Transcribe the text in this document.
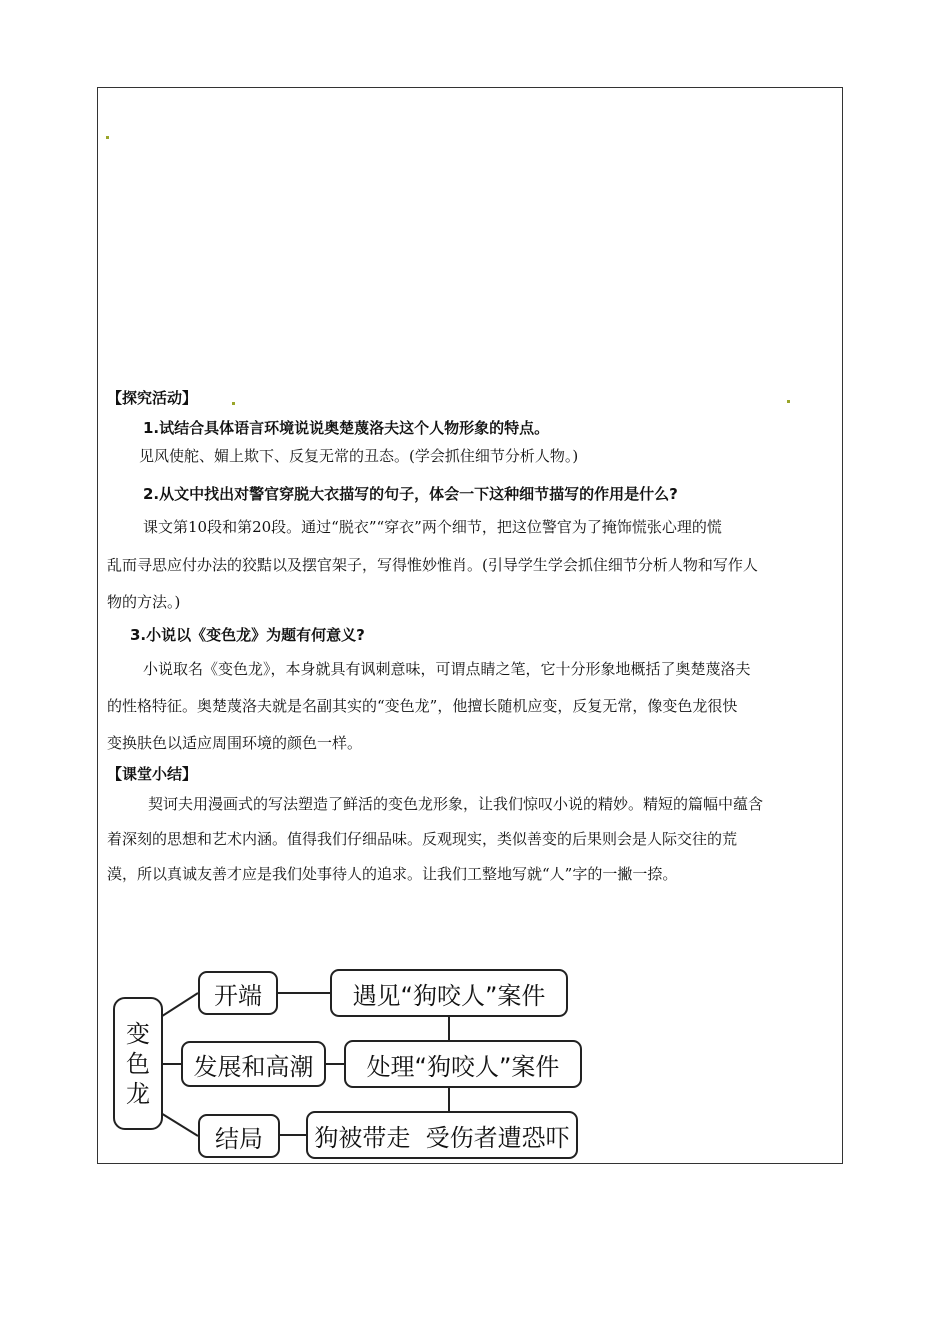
【探究活动】
1.试结合具体语言环境说说奥楚蔑洛夫这个人物形象的特点。
见风使舵、媚上欺下、反复无常的丑态。(学会抓住细节分析人物。)
2.从文中找出对警官穿脱大衣描写的句子，体会一下这种细节描写的作用是什么?
课文第10段和第20段。通过“脱衣”“穿衣”两个细节，把这位警官为了掩饰慌张心理的慌
乱而寻思应付办法的狡黠以及摆官架子，写得惟妙惟肖。(引导学生学会抓住细节分析人物和写作人
物的方法。)
3.小说以《变色龙》为题有何意义?
小说取名《变色龙》，本身就具有讽刺意味，可谓点睛之笔，它十分形象地概括了奥楚蔑洛夫
的性格特征。奥楚蔑洛夫就是名副其实的“变色龙”，他擅长随机应变，反复无常，像变色龙很快
变换肤色以适应周围环境的颜色一样。
【课堂小结】
契诃夫用漫画式的写法塑造了鲜活的变色龙形象，让我们惊叹小说的精妙。精短的篇幅中蕴含
着深刻的思想和艺术内涵。值得我们仔细品味。反观现实，类似善变的后果则会是人际交往的荒
漠，所以真诚友善才应是我们处事待人的追求。让我们工整地写就“人”字的一撇一捺。
变色龙
开端
发展和高潮
结局
遇见“狗咬人”案件
处理“狗咬人”案件
狗被带走  受伤者遭恐吓
